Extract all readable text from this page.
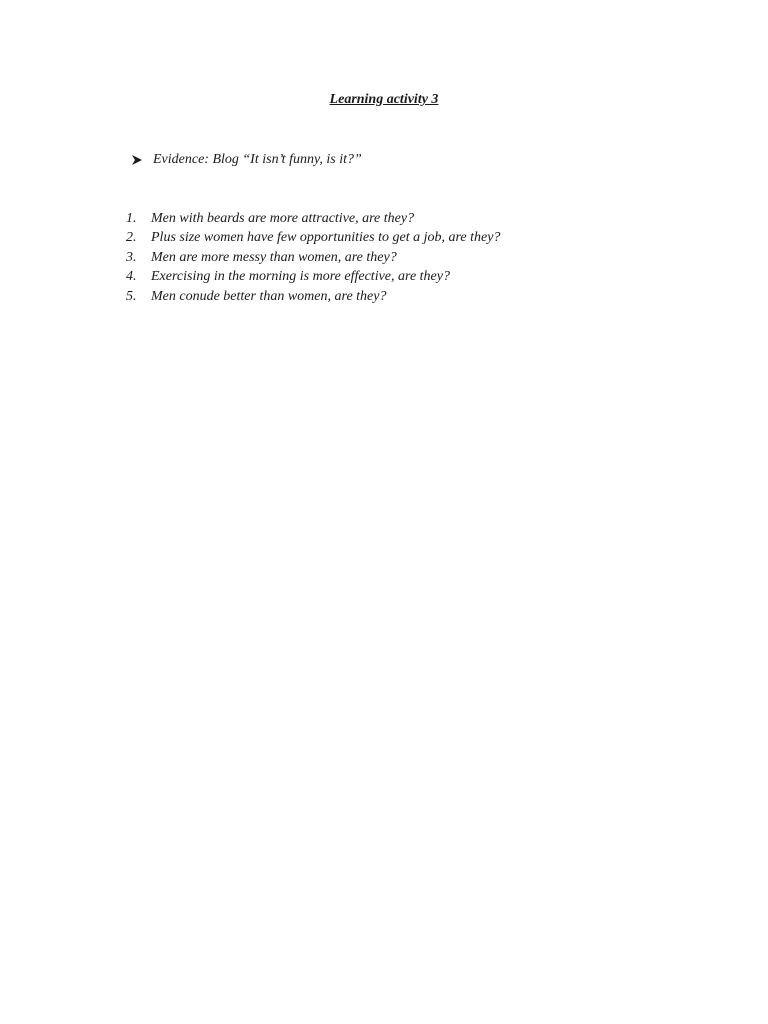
Learning activity 3
Evidence: Blog “It isn’t funny, is it?”
1.	Men with beards are more attractive, are they?
2.	Plus size women have few opportunities to get a job, are they?
3.	Men are more messy than women, are they?
4.	Exercising in the morning is more effective, are they?
5.	Men conude better than women, are they?
